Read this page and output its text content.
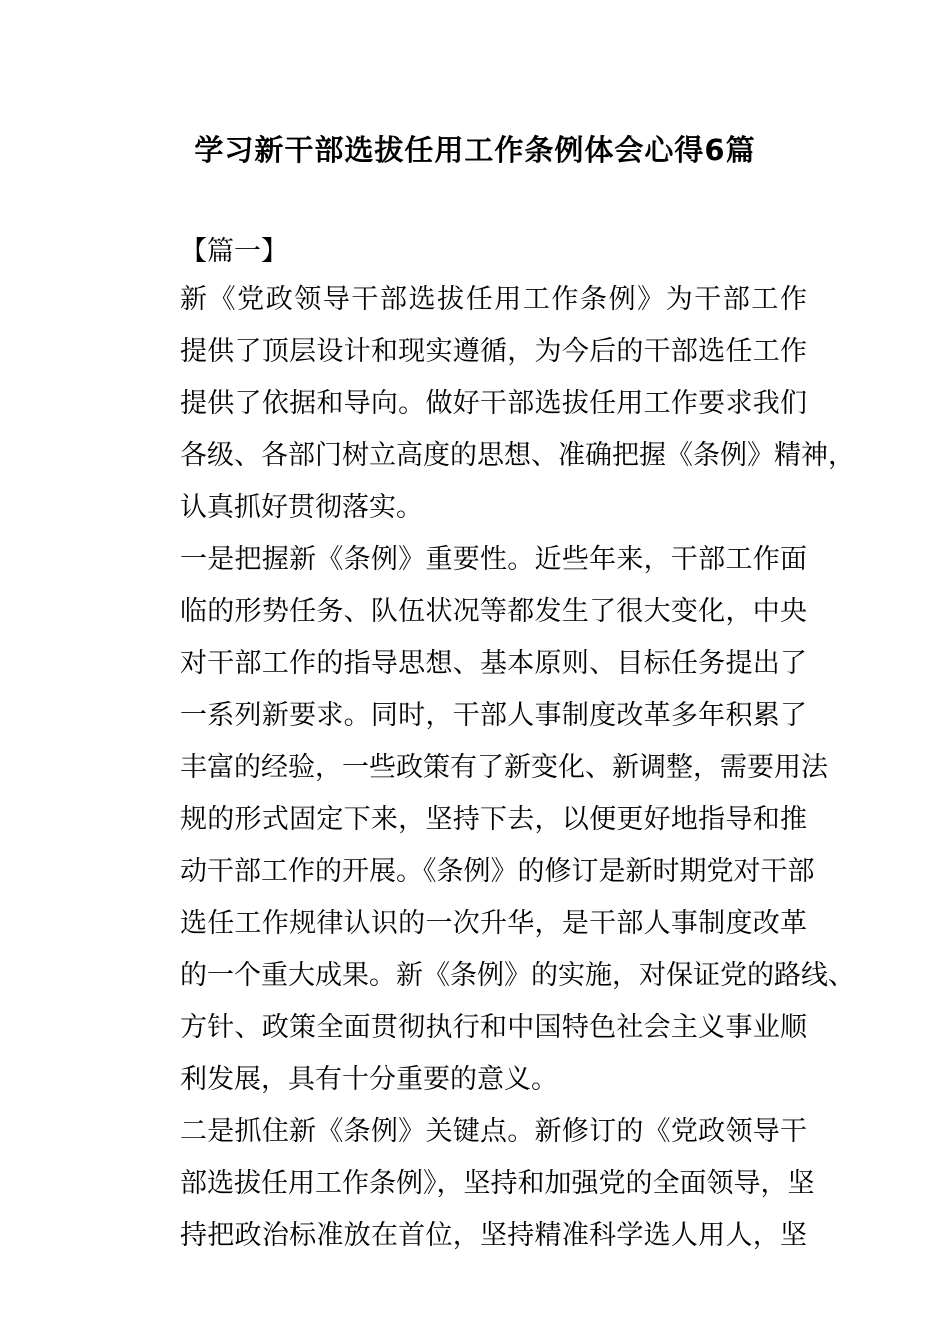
学习新干部选拔任用工作条例体会心得6篇
【篇一】

新《党政领导干部选拔任用工作条例》为干部工作
提供了顶层设计和现实遵循，为今后的干部选任工作
提供了依据和导向。做好干部选拔任用工作要求我们
各级、各部门树立高度的思想、准确把握《条例》精神，
认真抓好贯彻落实。

一是把握新《条例》重要性。近些年来，干部工作面
临的形势任务、队伍状况等都发生了很大变化，中央
对干部工作的指导思想、基本原则、目标任务提出了
一系列新要求。同时，干部人事制度改革多年积累了
丰富的经验，一些政策有了新变化、新调整，需要用法
规的形式固定下来，坚持下去，以便更好地指导和推
动干部工作的开展。《条例》的修订是新时期党对干部
选任工作规律认识的一次升华，是干部人事制度改革
的一个重大成果。新《条例》的实施，对保证党的路线、
方针、政策全面贯彻执行和中国特色社会主义事业顺
利发展，具有十分重要的意义。

二是抓住新《条例》关键点。新修订的《党政领导干
部选拔任用工作条例》，坚持和加强党的全面领导，坚
持把政治标准放在首位，坚持精准科学选人用人，坚
